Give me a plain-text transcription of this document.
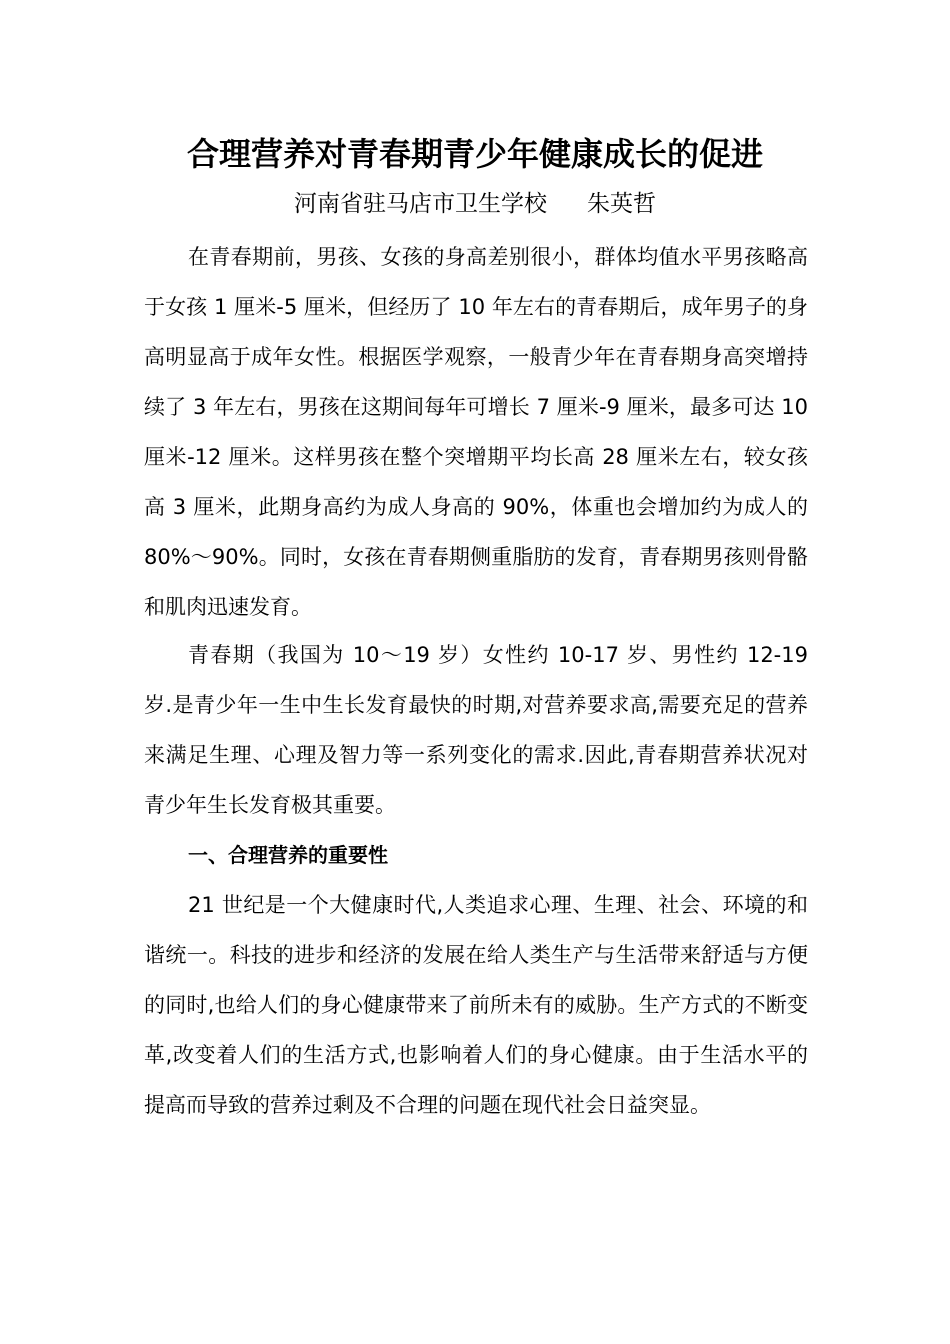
合理营养对青春期青少年健康成长的促进
河南省驻马店市卫生学校 朱英哲

在青春期前，男孩、女孩的身高差别很小，群体均值水平男孩略高于女孩 1 厘米-5 厘米，但经历了 10 年左右的青春期后，成年男子的身高明显高于成年女性。根据医学观察，一般青少年在青春期身高突增持续了 3 年左右，男孩在这期间每年可增长 7 厘米-9 厘米，最多可达 10 厘米-12 厘米。这样男孩在整个突增期平均长高 28 厘米左右，较女孩高 3 厘米，此期身高约为成人身高的 90%，体重也会增加约为成人的 80%～90%。同时，女孩在青春期侧重脂肪的发育，青春期男孩则骨骼和肌肉迅速发育。

青春期（我国为 10～19 岁）女性约 10-17 岁、男性约 12-19 岁.是青少年一生中生长发育最快的时期,对营养要求高,需要充足的营养来满足生理、心理及智力等一系列变化的需求.因此,青春期营养状况对青少年生长发育极其重要。

一、合理营养的重要性

21 世纪是一个大健康时代,人类追求心理、生理、社会、环境的和谐统一。科技的进步和经济的发展在给人类生产与生活带来舒适与方便的同时,也给人们的身心健康带来了前所未有的威胁。生产方式的不断变革,改变着人们的生活方式,也影响着人们的身心健康。由于生活水平的提高而导致的营养过剩及不合理的问题在现代社会日益突显。
